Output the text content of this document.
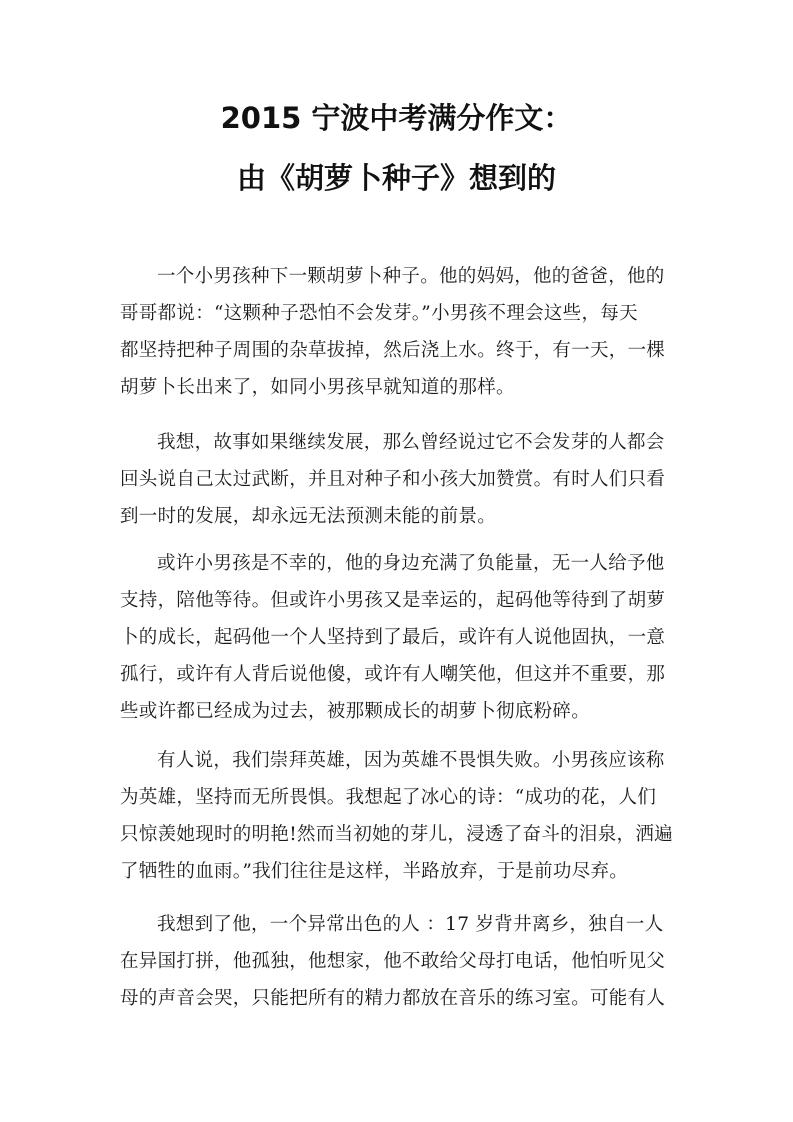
2015 宁波中考满分作文：
由《胡萝卜种子》想到的
一个小男孩种下一颗胡萝卜种子。他的妈妈，他的爸爸，他的
哥哥都说：“这颗种子恐怕不会发芽。”小男孩不理会这些，每天
都坚持把种子周围的杂草拔掉，然后浇上水。终于，有一天，一棵
胡萝卜长出来了，如同小男孩早就知道的那样。
我想，故事如果继续发展，那么曾经说过它不会发芽的人都会
回头说自己太过武断，并且对种子和小孩大加赞赏。有时人们只看
到一时的发展，却永远无法预测未能的前景。
或许小男孩是不幸的，他的身边充满了负能量，无一人给予他
支持，陪他等待。但或许小男孩又是幸运的，起码他等待到了胡萝
卜的成长，起码他一个人坚持到了最后，或许有人说他固执，一意
孤行，或许有人背后说他傻，或许有人嘲笑他，但这并不重要，那
些或许都已经成为过去，被那颗成长的胡萝卜彻底粉碎。
有人说，我们崇拜英雄，因为英雄不畏惧失败。小男孩应该称
为英雄，坚持而无所畏惧。我想起了冰心的诗：“成功的花，人们
只惊羡她现时的明艳!然而当初她的芽儿，浸透了奋斗的泪泉，洒遍
了牺牲的血雨。”我们往往是这样，半路放弃，于是前功尽弃。
我想到了他，一个异常出色的人 ：17 岁背井离乡，独自一人
在异国打拼，他孤独，他想家，他不敢给父母打电话，他怕听见父
母的声音会哭，只能把所有的精力都放在音乐的练习室。可能有人
